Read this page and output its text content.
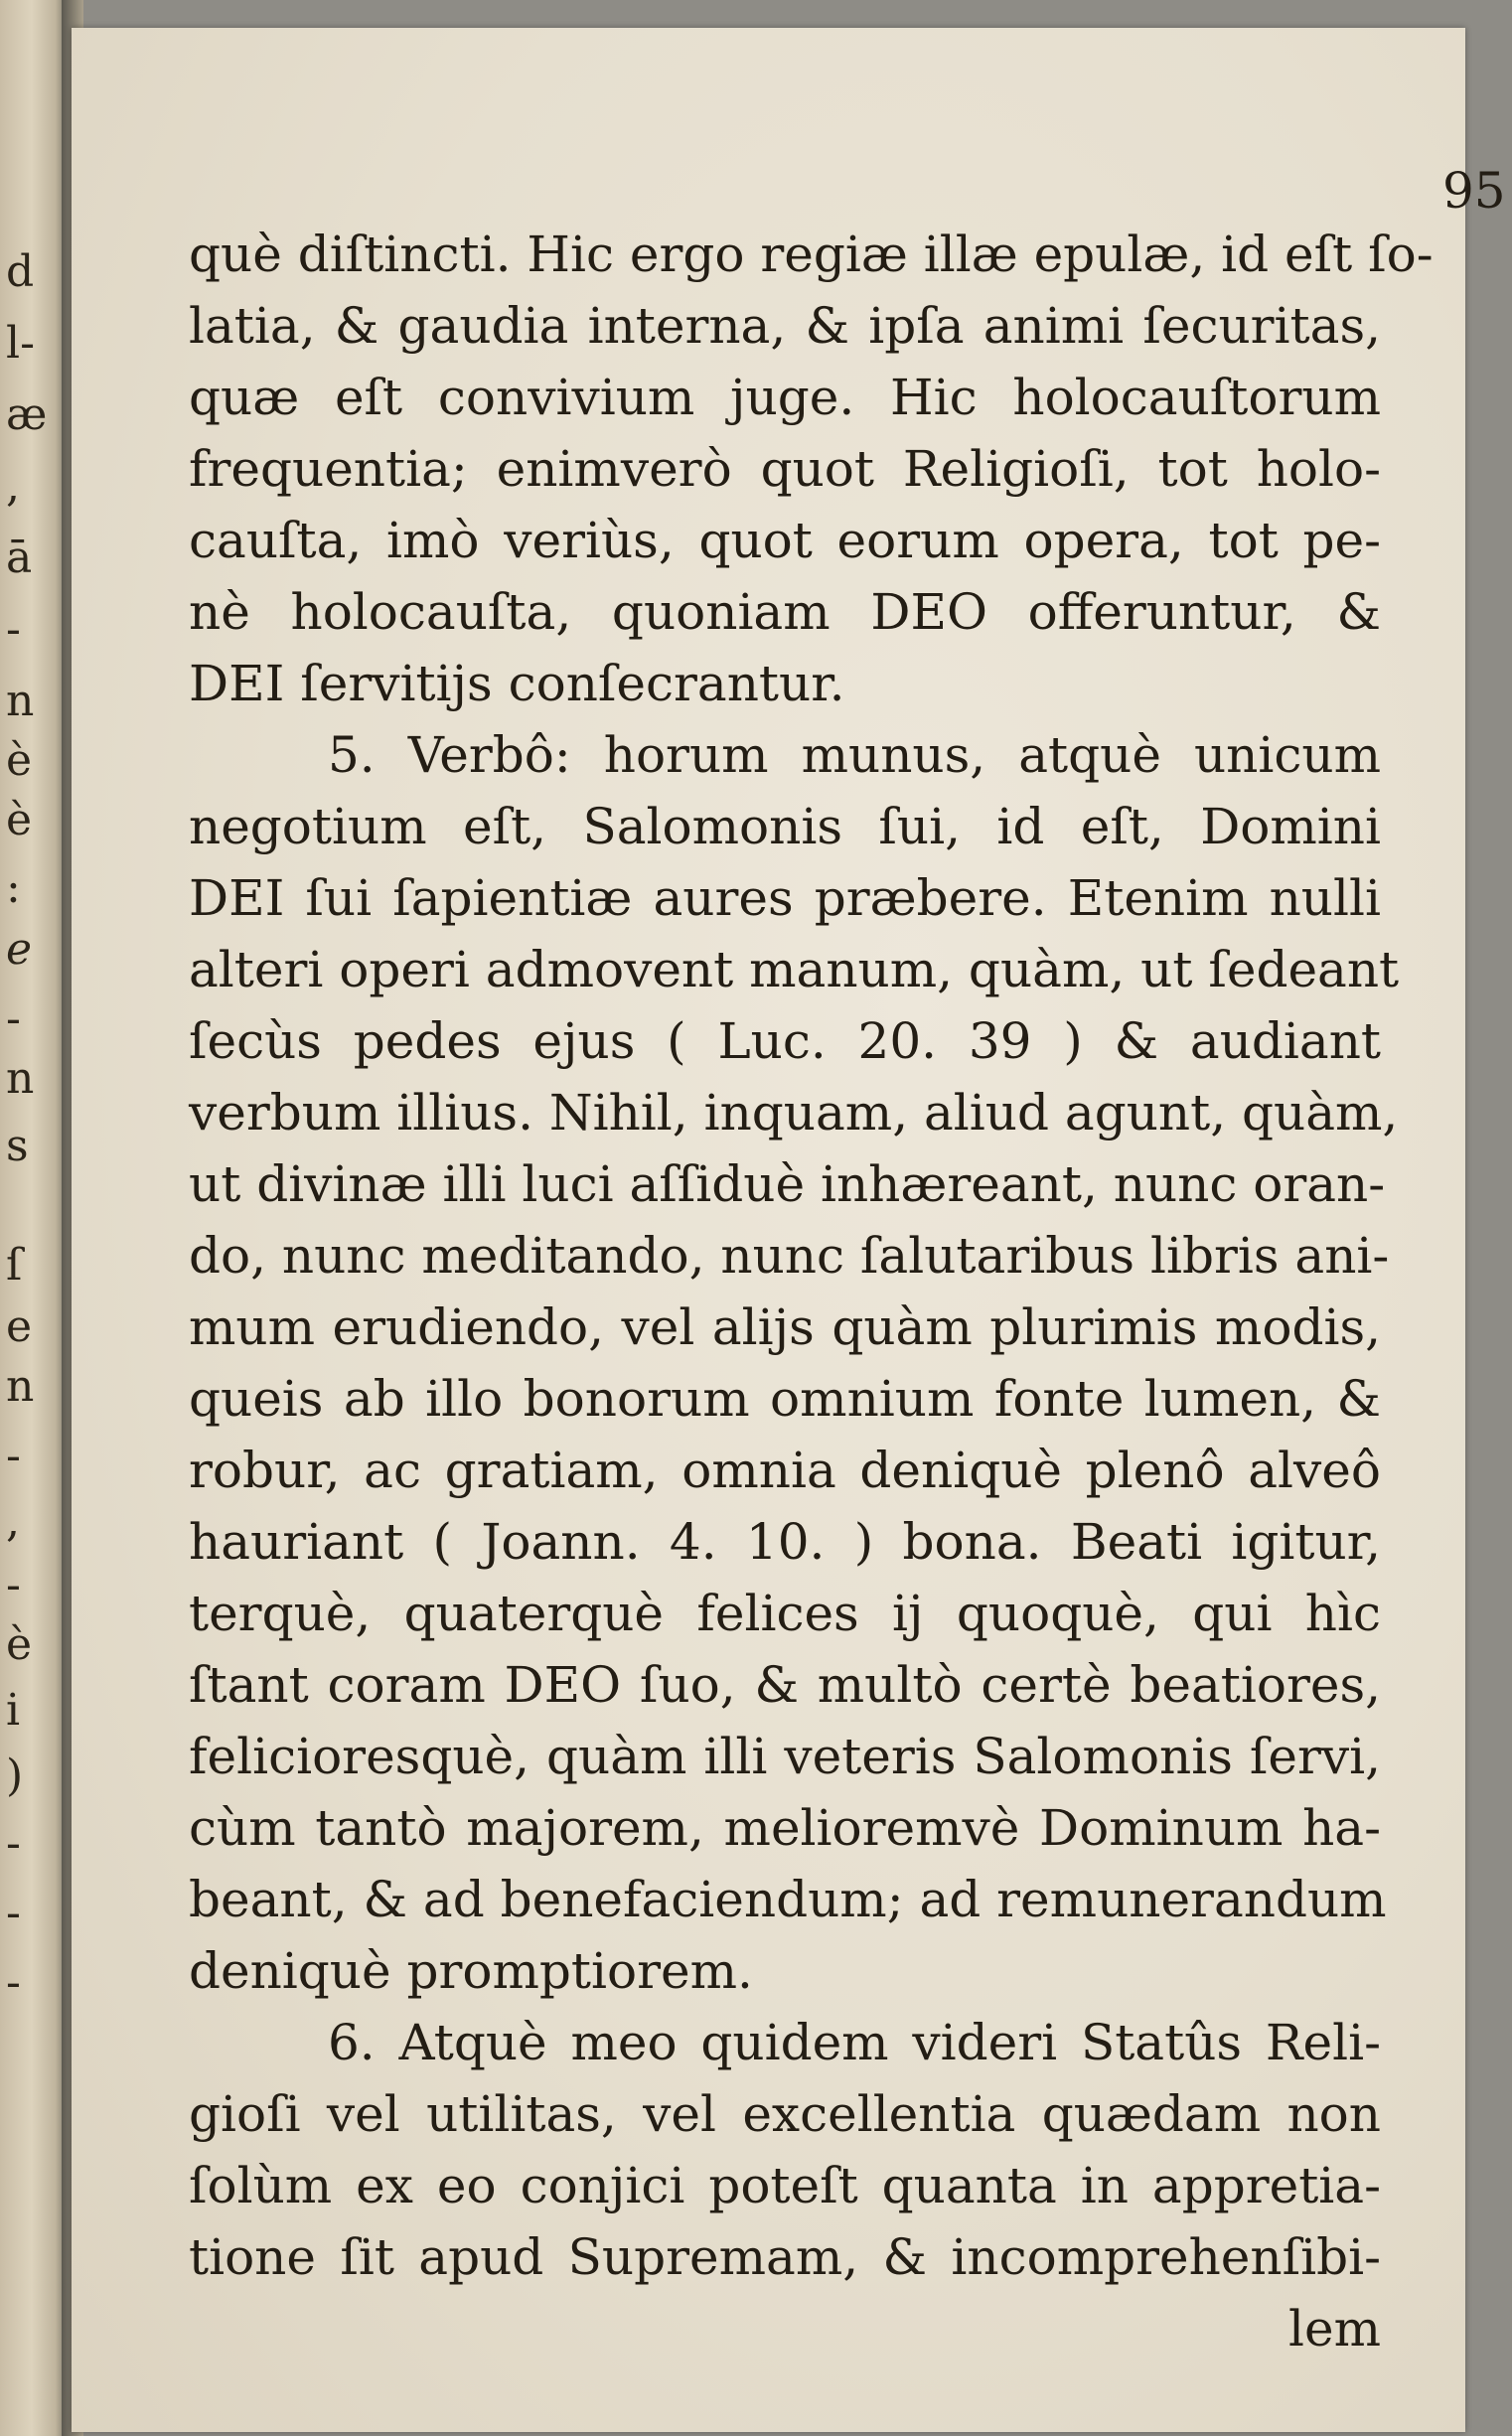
d
l-
æ
,
ā
-
n
è
è
:
ℯ
-
n
s
ſ
e
n
-
,
-
è
i
)
-
-
-
95
què diſtincti. Hic ergo regiæ illæ epulæ, id eſt ſo-
latia, & gaudia interna, & ipſa animi ſecuritas,
quæ eſt convivium juge. Hic holocauſtorum
frequentia; enimverò quot Religioſi, tot holo-
cauſta, imò veriùs, quot eorum opera, tot pe-
nè holocauſta, quoniam DEO offeruntur, &
DEI ſervitijs conſecrantur.
5. Verbô: horum munus, atquè unicum
negotium eſt, Salomonis ſui, id eſt, Domini
DEI ſui ſapientiæ aures præbere. Etenim nulli
alteri operi admovent manum, quàm, ut ſedeant
ſecùs pedes ejus ( Luc. 20. 39 ) & audiant
verbum illius. Nihil, inquam, aliud agunt, quàm,
ut divinæ illi luci aſſiduè inhæreant, nunc oran-
do, nunc meditando, nunc ſalutaribus libris ani-
mum erudiendo, vel alijs quàm plurimis modis,
queis ab illo bonorum omnium fonte lumen, &
robur, ac gratiam, omnia deniquè plenô alveô
hauriant ( Joann. 4. 10. ) bona. Beati igitur,
terquè, quaterquè felices ij quoquè, qui hìc
ſtant coram DEO ſuo, & multò certè beatiores,
felicioresquè, quàm illi veteris Salomonis ſervi,
cùm tantò majorem, melioremvè Dominum ha-
beant, & ad benefaciendum; ad remunerandum
deniquè promptiorem.
6. Atquè meo quidem videri Statûs Reli-
gioſi vel utilitas, vel excellentia quædam non
ſolùm ex eo conjici poteſt quanta in appretia-
tione ſit apud Supremam, & incomprehenſibi-
lem
